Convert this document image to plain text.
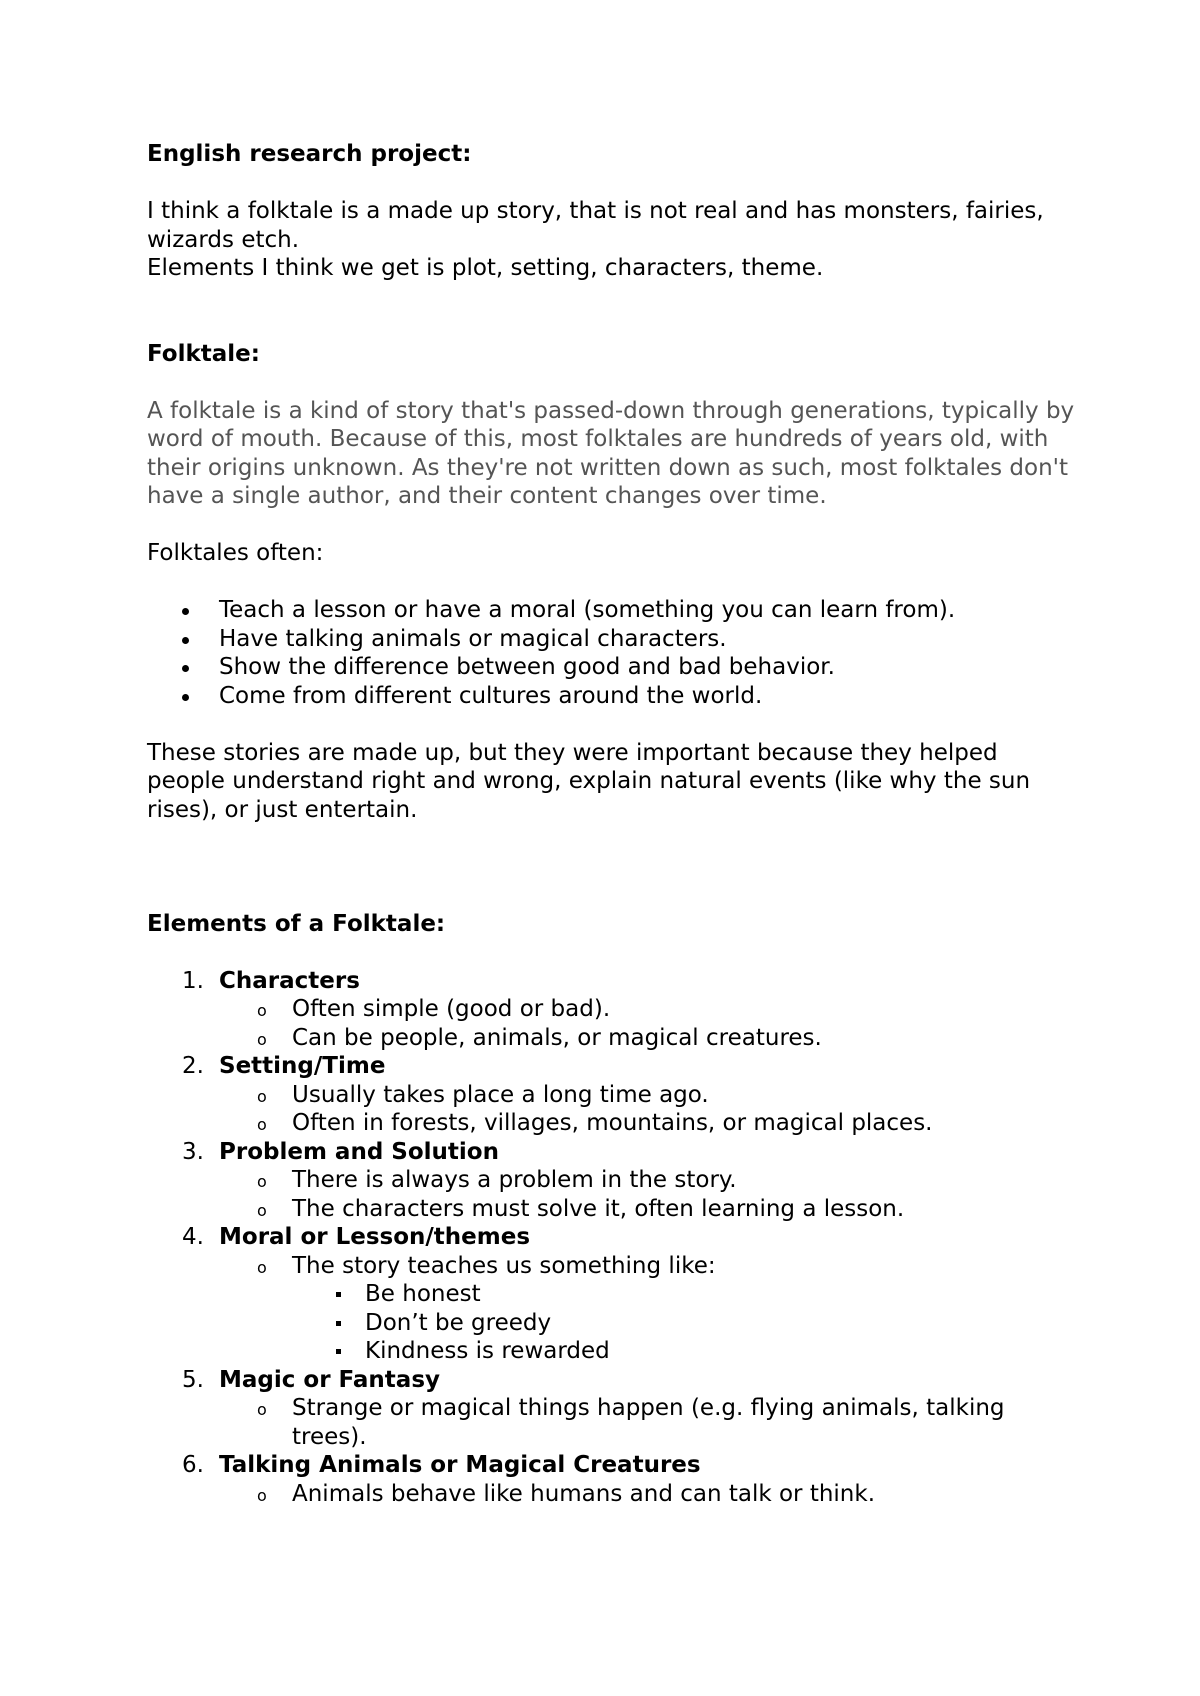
English research project:

I think a folktale is a made up story, that is not real and has monsters, fairies, wizards etch.

Elements I think we get is plot, setting, characters, theme.

Folktale:

A folktale is a kind of story that's passed-down through generations, typically by word of mouth. Because of this, most folktales are hundreds of years old, with their origins unknown. As they're not written down as such, most folktales don't have a single author, and their content changes over time.

Folktales often:

Teach a lesson or have a moral (something you can learn from).
Have talking animals or magical characters.
Show the difference between good and bad behavior.
Come from different cultures around the world.

These stories are made up, but they were important because they helped people understand right and wrong, explain natural events (like why the sun rises), or just entertain.

Elements of a Folktale:

1. Characters
o Often simple (good or bad).
o Can be people, animals, or magical creatures.
2. Setting/Time
o Usually takes place a long time ago.
o Often in forests, villages, mountains, or magical places.
3. Problem and Solution
o There is always a problem in the story.
o The characters must solve it, often learning a lesson.
4. Moral or Lesson/themes
o The story teaches us something like:
Be honest
Don’t be greedy
Kindness is rewarded
5. Magic or Fantasy
o Strange or magical things happen (e.g. flying animals, talking trees).
6. Talking Animals or Magical Creatures
o Animals behave like humans and can talk or think.
